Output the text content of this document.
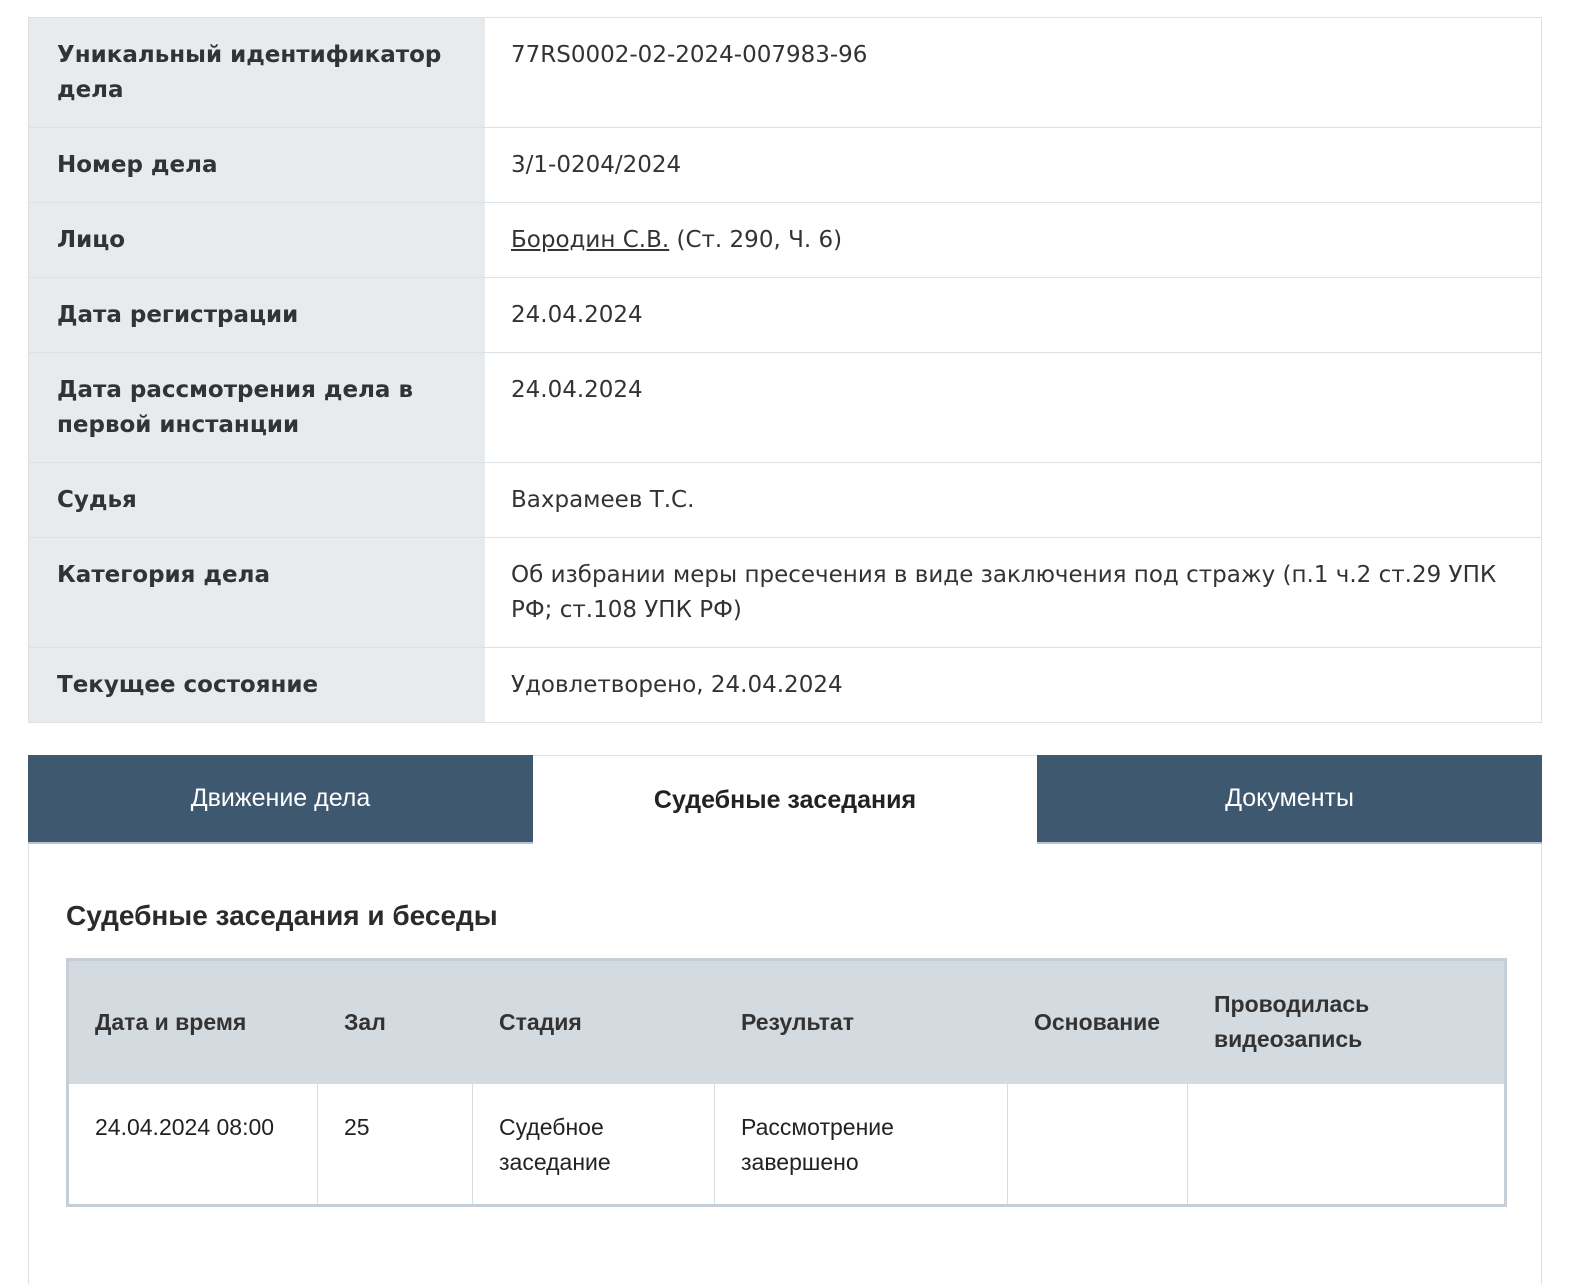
Уникальный идентификатор дела	77RS0002-02-2024-007983-96
Номер дела	3/1-0204/2024
Лицо	Бородин С.В. (Ст. 290, Ч. 6)
Дата регистрации	24.04.2024
Дата рассмотрения дела в первой инстанции	24.04.2024
Судья	Вахрамеев Т.С.
Категория дела	Об избрании меры пресечения в виде заключения под стражу (п.1 ч.2 ст.29 УПК РФ; ст.108 УПК РФ)
Текущее состояние	Удовлетворено, 24.04.2024
Движение дела	Судебные заседания	Документы
Судебные заседания и беседы
Дата и время	Зал	Стадия	Результат	Основание	Проводилась видеозапись
24.04.2024 08:00	25	Судебное заседание	Рассмотрение завершено		
